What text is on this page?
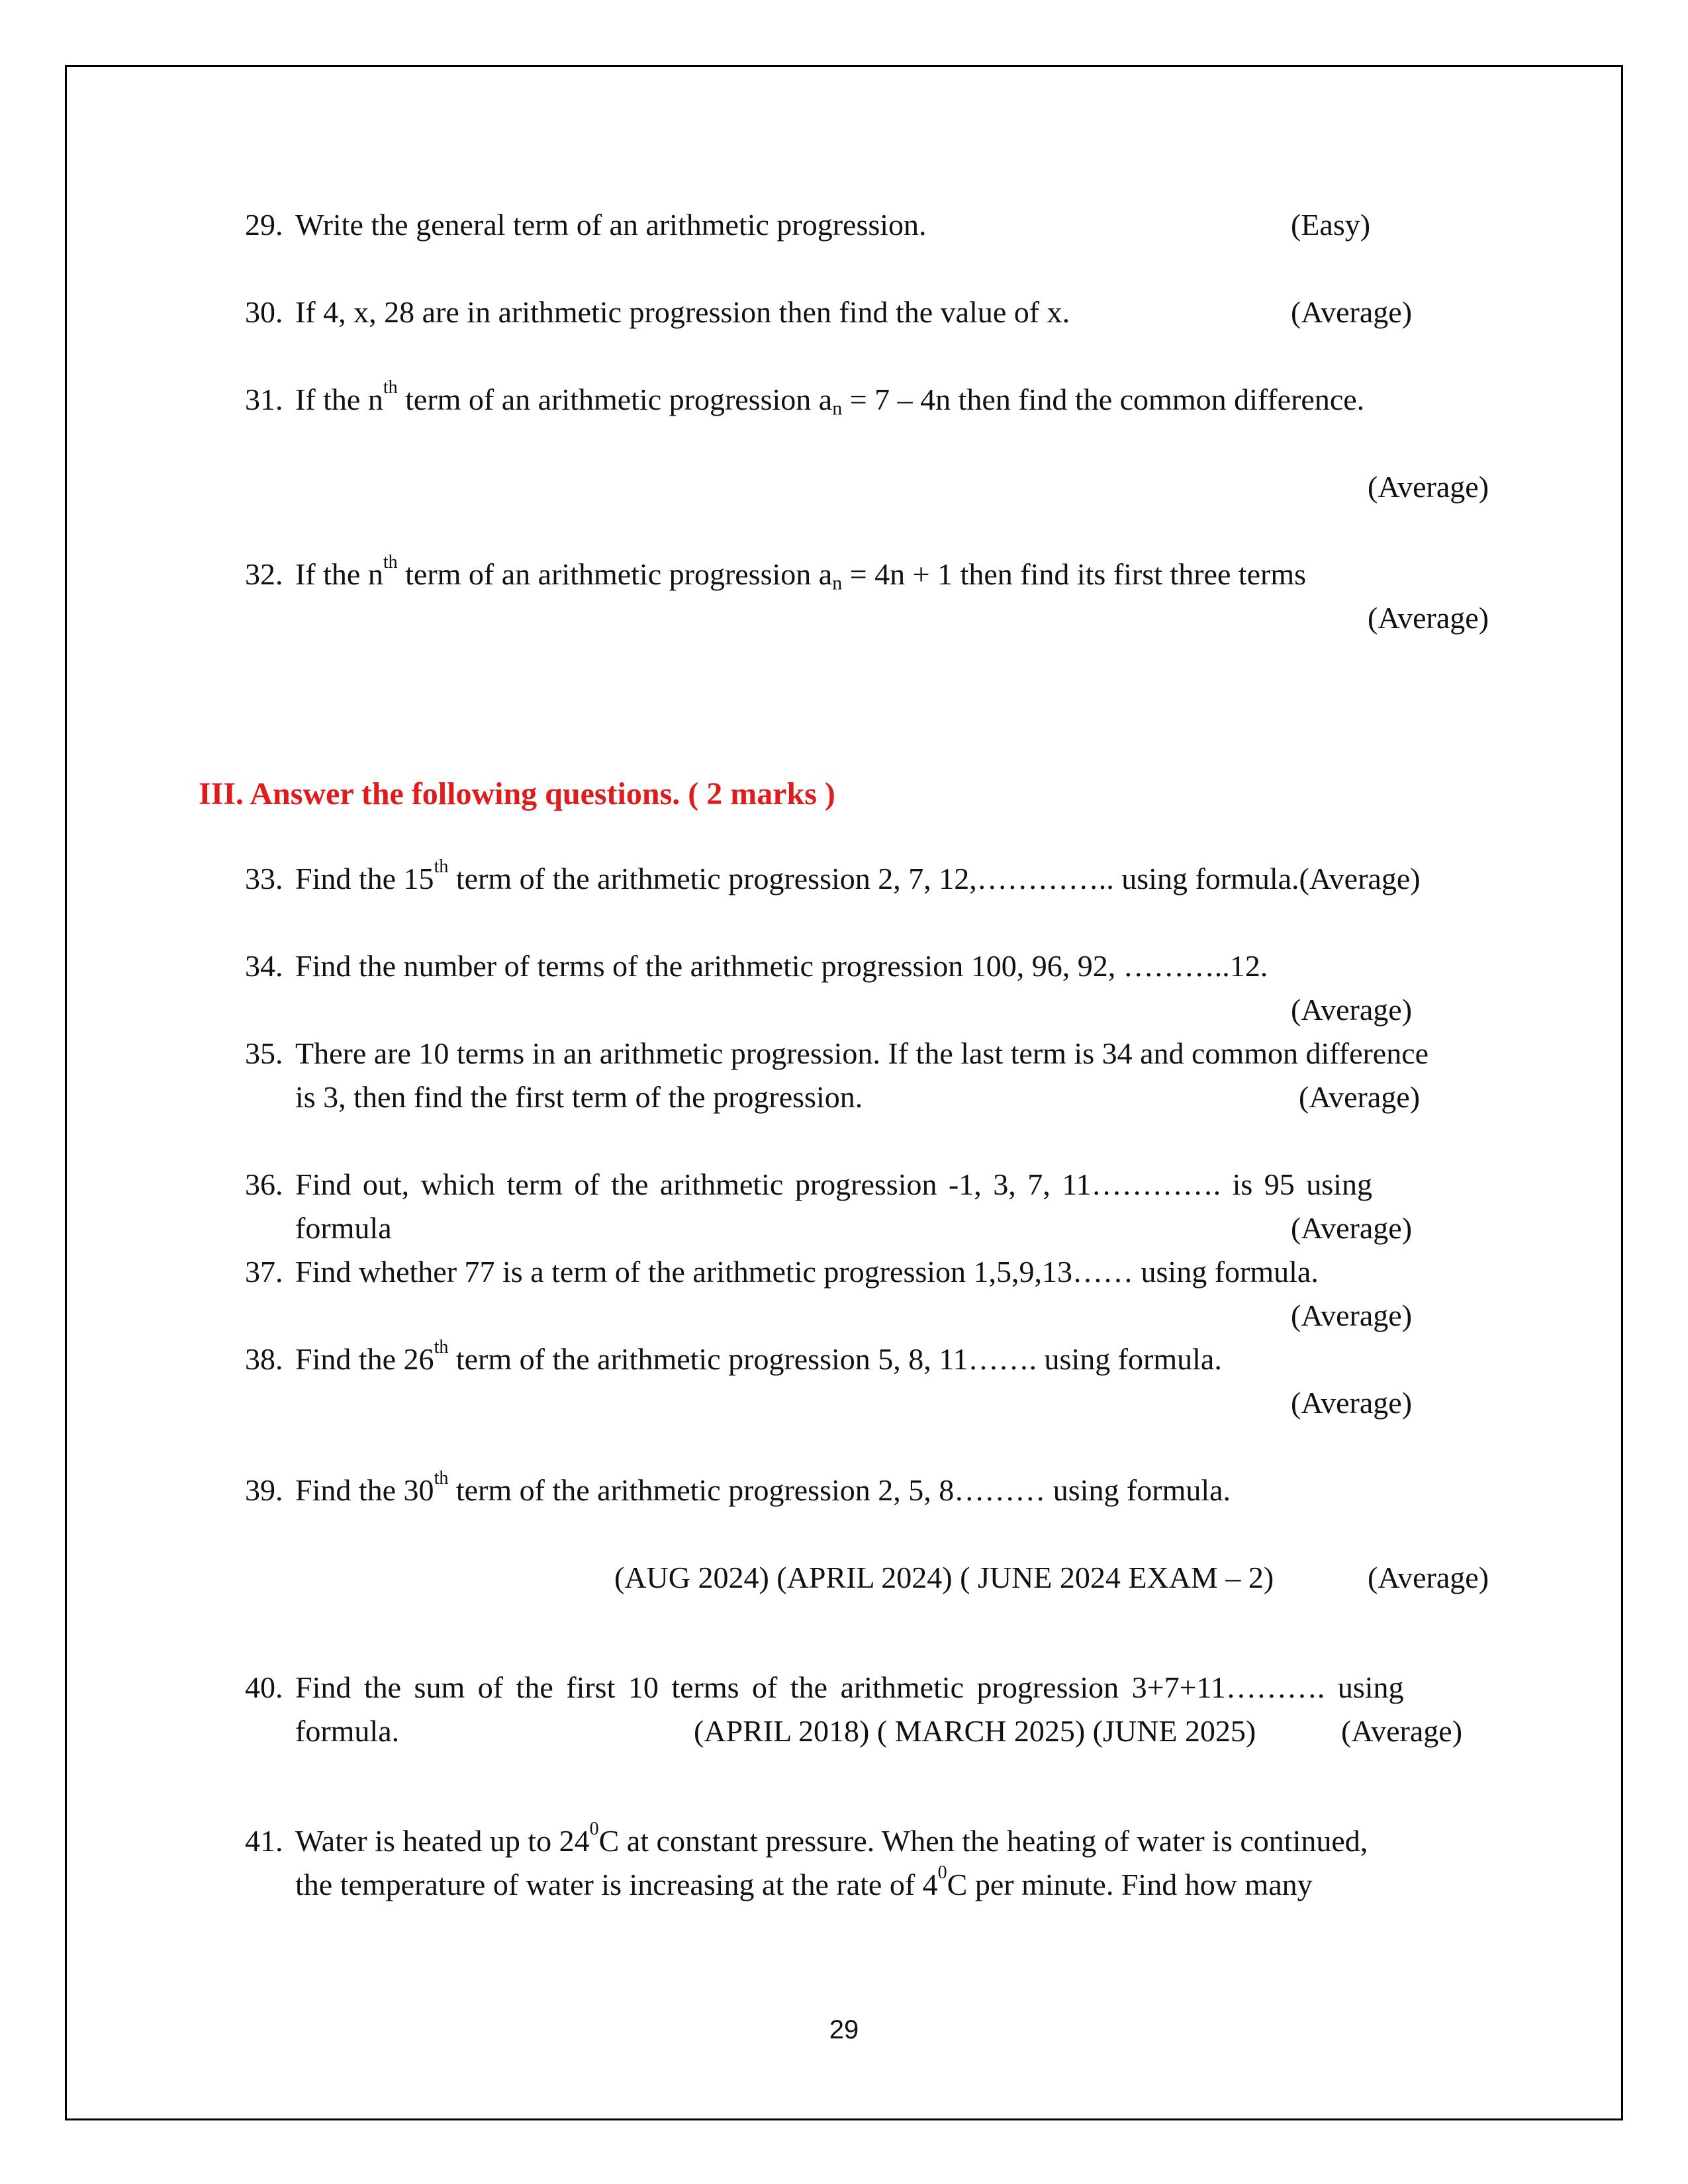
29. Write the general term of an arithmetic progression.	(Easy)
30. If 4, x, 28 are in arithmetic progression then find the value of x.	(Average)
31. If the $n^{th}$ term of an arithmetic progression $a_n = 7 - 4n$ then find the common difference.
(Average)
32. If the $n^{th}$ term of an arithmetic progression $a_n = 4n + 1$ then find its first three terms
(Average)
III. Answer the following questions. ( 2 marks )
33. Find the 15th term of the arithmetic progression 2, 7, 12,………….. using formula.(Average)
34. Find the number of terms of the arithmetic progression 100, 96, 92, ………..12.
(Average)
35. There are 10 terms in an arithmetic progression. If the last term is 34 and common difference
is 3, then find the first term of the progression.	(Average)
36. Find out, which term of the arithmetic progression -1, 3, 7, 11…………. is 95 using
formula	(Average)
37. Find whether 77 is a term of the arithmetic progression 1,5,9,13…… using formula.
(Average)
38. Find the 26th term of the arithmetic progression 5, 8, 11……. using formula.
(Average)
39. Find the 30th term of the arithmetic progression 2, 5, 8……… using formula.
(AUG 2024) (APRIL 2024) ( JUNE 2024 EXAM – 2)	(Average)
40. Find the sum of the first 10 terms of the arithmetic progression 3+7+11………. using
formula.	(APRIL 2018) ( MARCH 2025) (JUNE 2025)	(Average)
41. Water is heated up to $24^0C$ at constant pressure. When the heating of water is continued,
the temperature of water is increasing at the rate of $4^0C$ per minute. Find how many
29
